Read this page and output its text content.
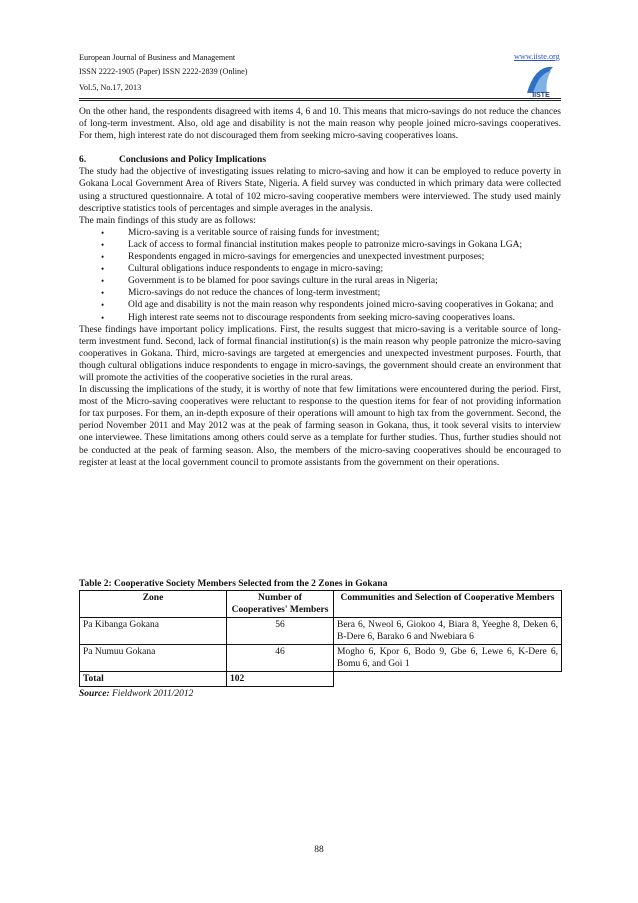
European Journal of Business and Management	www.iiste.org
ISSN 2222-1905 (Paper) ISSN 2222-2839 (Online)
Vol.5, No.17, 2013
IISTE

On the other hand, the respondents disagreed with items 4, 6 and 10. This means that micro-savings do not reduce the chances of long-term investment. Also, old age and disability is not the main reason why people joined micro-savings cooperatives. For them, high interest rate do not discouraged them from seeking micro-saving cooperatives loans.

6.	Conclusions and Policy Implications

The study had the objective of investigating issues relating to micro-saving and how it can be employed to reduce poverty in Gokana Local Government Area of Rivers State, Nigeria. A field survey was conducted in which primary data were collected using a structured questionnaire. A total of 102 micro-saving cooperative members were interviewed. The study used mainly descriptive statistics tools of percentages and simple averages in the analysis.

The main findings of this study are as follows:

•	Micro-saving is a veritable source of raising funds for investment;
•	Lack of access to formal financial institution makes people to patronize micro-savings in Gokana LGA;
•	Respondents engaged in micro-savings for emergencies and unexpected investment purposes;
•	Cultural obligations induce respondents to engage in micro-saving;
•	Government is to be blamed for poor savings culture in the rural areas in Nigeria;
•	Micro-savings do not reduce the chances of long-term investment;
•	Old age and disability is not the main reason why respondents joined micro-saving cooperatives in Gokana; and
•	High interest rate seems not to discourage respondents from seeking micro-saving cooperatives loans.

These findings have important policy implications. First, the results suggest that micro-saving is a veritable source of long-term investment fund. Second, lack of formal financial institution(s) is the main reason why people patronize the micro-saving cooperatives in Gokana. Third, micro-savings are targeted at emergencies and unexpected investment purposes. Fourth, that though cultural obligations induce respondents to engage in micro-savings, the government should create an environment that will promote the activities of the cooperative societies in the rural areas.

In discussing the implications of the study, it is worthy of note that few limitations were encountered during the period. First, most of the Micro-saving cooperatives were reluctant to response to the question items for fear of not providing information for tax purposes. For them, an in-depth exposure of their operations will amount to high tax from the government. Second, the period November 2011 and May 2012 was at the peak of farming season in Gokana, thus, it took several visits to interview one interviewee. These limitations among others could serve as a template for further studies. Thus, further studies should not be conducted at the peak of farming season. Also, the members of the micro-saving cooperatives should be encouraged to register at least at the local government council to promote assistants from the government on their operations.

Table 2: Cooperative Society Members Selected from the 2 Zones in Gokana
Zone	Number of Cooperatives' Members	Communities and Selection of Cooperative Members
Pa Kibanga Gokana	56	Bera 6, Nweol 6, Giokoo 4, Biara 8, Yeeghe 8, Deken 6, B-Dere 6, Barako 6 and Nwebiara 6
Pa Numuu Gokana	46	Mogho 6, Kpor 6, Bodo 9, Gbe 6, Lewe 6, K-Dere 6, Bomu 6, and Goi 1
Total	102	
Source: Fieldwork 2011/2012
88
